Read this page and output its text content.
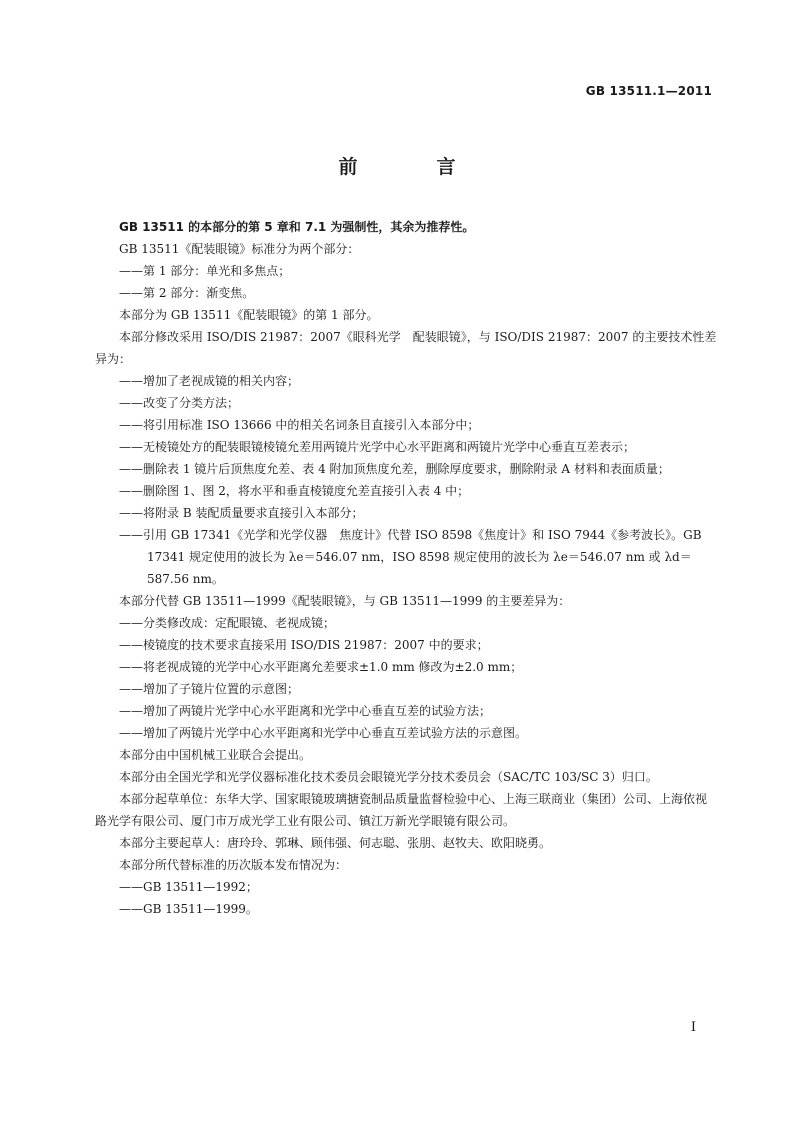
GB 13511.1—2011
前　言

GB 13511 的本部分的第 5 章和 7.1 为强制性，其余为推荐性。

GB 13511《配装眼镜》标准分为两个部分：

——第 1 部分：单光和多焦点；

——第 2 部分：渐变焦。

本部分为 GB 13511《配装眼镜》的第 1 部分。

本部分修改采用 ISO/DIS 21987：2007《眼科光学　配装眼镜》，与 ISO/DIS 21987：2007 的主要技术性差异为：

——增加了老视成镜的相关内容；

——改变了分类方法；

——将引用标准 ISO 13666 中的相关名词条目直接引入本部分中；

——无棱镜处方的配装眼镜棱镜允差用两镜片光学中心水平距离和两镜片光学中心垂直互差表示；

——删除表 1 镜片后顶焦度允差、表 4 附加顶焦度允差，删除厚度要求，删除附录 A 材料和表面质量；

——删除图 1、图 2，将水平和垂直棱镜度允差直接引入表 4 中；

——将附录 B 装配质量要求直接引入本部分；

——引用 GB 17341《光学和光学仪器　焦度计》代替 ISO 8598《焦度计》和 ISO 7944《参考波长》。GB 17341 规定使用的波长为 λe＝546.07 nm，ISO 8598 规定使用的波长为 λe＝546.07 nm 或 λd＝587.56 nm。

本部分代替 GB 13511—1999《配装眼镜》，与 GB 13511—1999 的主要差异为：

——分类修改成：定配眼镜、老视成镜；

——棱镜度的技术要求直接采用 ISO/DIS 21987：2007 中的要求；

——将老视成镜的光学中心水平距离允差要求±1.0 mm 修改为±2.0 mm；

——增加了子镜片位置的示意图；

——增加了两镜片光学中心水平距离和光学中心垂直互差的试验方法；

——增加了两镜片光学中心水平距离和光学中心垂直互差试验方法的示意图。

本部分由中国机械工业联合会提出。

本部分由全国光学和光学仪器标准化技术委员会眼镜光学分技术委员会（SAC/TC 103/SC 3）归口。

本部分起草单位：东华大学、国家眼镜玻璃搪瓷制品质量监督检验中心、上海三联商业（集团）公司、上海依视路光学有限公司、厦门市万成光学工业有限公司、镇江万新光学眼镜有限公司。

本部分主要起草人：唐玲玲、郭琳、顾伟强、何志聪、张朋、赵牧夫、欧阳晓勇。

本部分所代替标准的历次版本发布情况为：

——GB 13511—1992；

——GB 13511—1999。

I
